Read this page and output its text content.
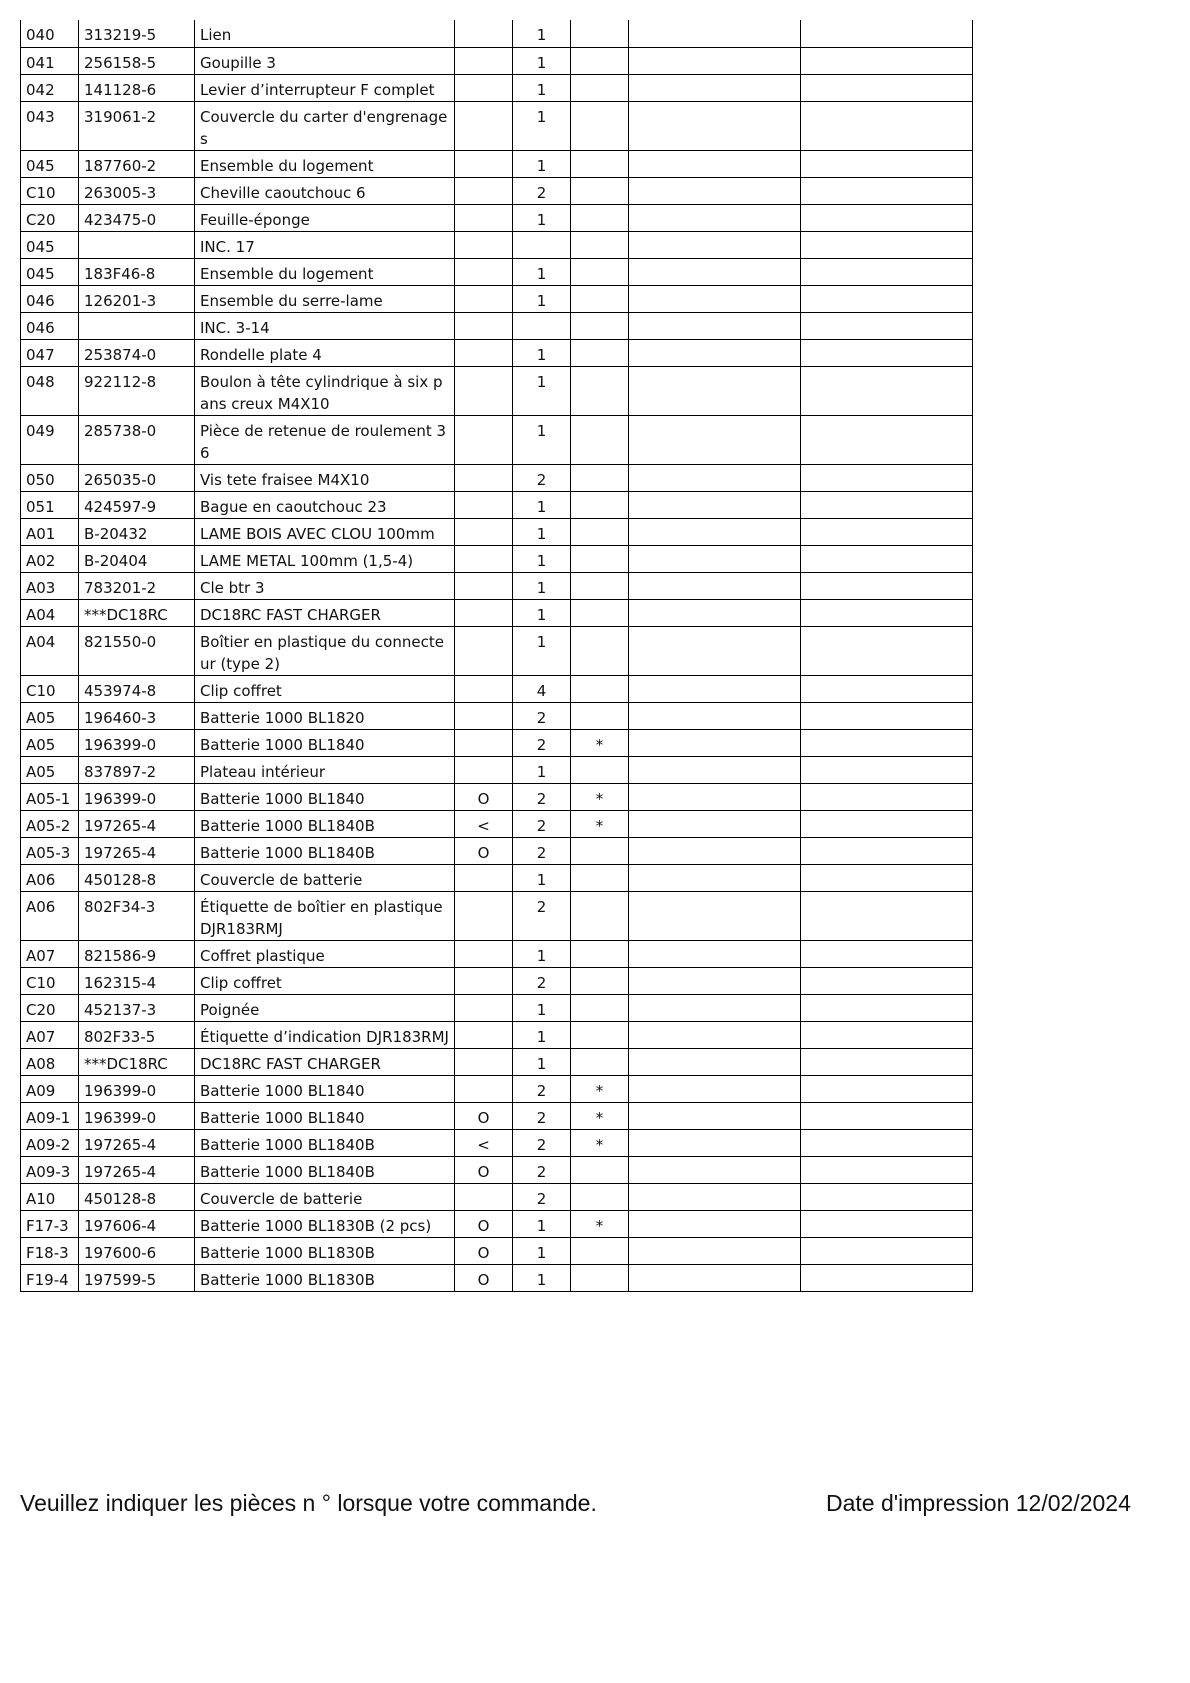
040	313219-5	Lien		1			
041	256158-5	Goupille 3		1			
042	141128-6	Levier d’interrupteur F complet		1			
043	319061-2	Couvercle du carter d'engrenages		1			
045	187760-2	Ensemble du logement		1			
C10	263005-3	Cheville caoutchouc 6		2			
C20	423475-0	Feuille-éponge		1			
045		INC. 17					
045	183F46-8	Ensemble du logement		1			
046	126201-3	Ensemble du serre-lame		1			
046		INC. 3-14					
047	253874-0	Rondelle plate 4		1			
048	922112-8	Boulon à tête cylindrique à six pans creux M4X10		1			
049	285738-0	Pièce de retenue de roulement 36		1			
050	265035-0	Vis tete fraisee M4X10		2			
051	424597-9	Bague en caoutchouc 23		1			
A01	B-20432	LAME BOIS AVEC CLOU 100mm		1			
A02	B-20404	LAME METAL 100mm (1,5-4)		1			
A03	783201-2	Cle btr 3		1			
A04	***DC18RC	DC18RC FAST CHARGER		1			
A04	821550-0	Boîtier en plastique du connecteur (type 2)		1			
C10	453974-8	Clip coffret		4			
A05	196460-3	Batterie 1000 BL1820		2			
A05	196399-0	Batterie 1000 BL1840		2	*		
A05	837897-2	Plateau intérieur		1			
A05-1	196399-0	Batterie 1000 BL1840	O	2	*		
A05-2	197265-4	Batterie 1000 BL1840B	<	2	*		
A05-3	197265-4	Batterie 1000 BL1840B	O	2			
A06	450128-8	Couvercle de batterie		1			
A06	802F34-3	Étiquette de boîtier en plastique DJR183RMJ		2			
A07	821586-9	Coffret plastique		1			
C10	162315-4	Clip coffret		2			
C20	452137-3	Poignée		1			
A07	802F33-5	Étiquette d’indication DJR183RMJ		1			
A08	***DC18RC	DC18RC FAST CHARGER		1			
A09	196399-0	Batterie 1000 BL1840		2	*		
A09-1	196399-0	Batterie 1000 BL1840	O	2	*		
A09-2	197265-4	Batterie 1000 BL1840B	<	2	*		
A09-3	197265-4	Batterie 1000 BL1840B	O	2			
A10	450128-8	Couvercle de batterie		2			
F17-3	197606-4	Batterie 1000 BL1830B (2 pcs)	O	1	*		
F18-3	197600-6	Batterie 1000 BL1830B	O	1			
F19-4	197599-5	Batterie 1000 BL1830B	O	1			
Veuillez indiquer les pièces n ° lorsque votre commande.	Date d'impression 12/02/2024
